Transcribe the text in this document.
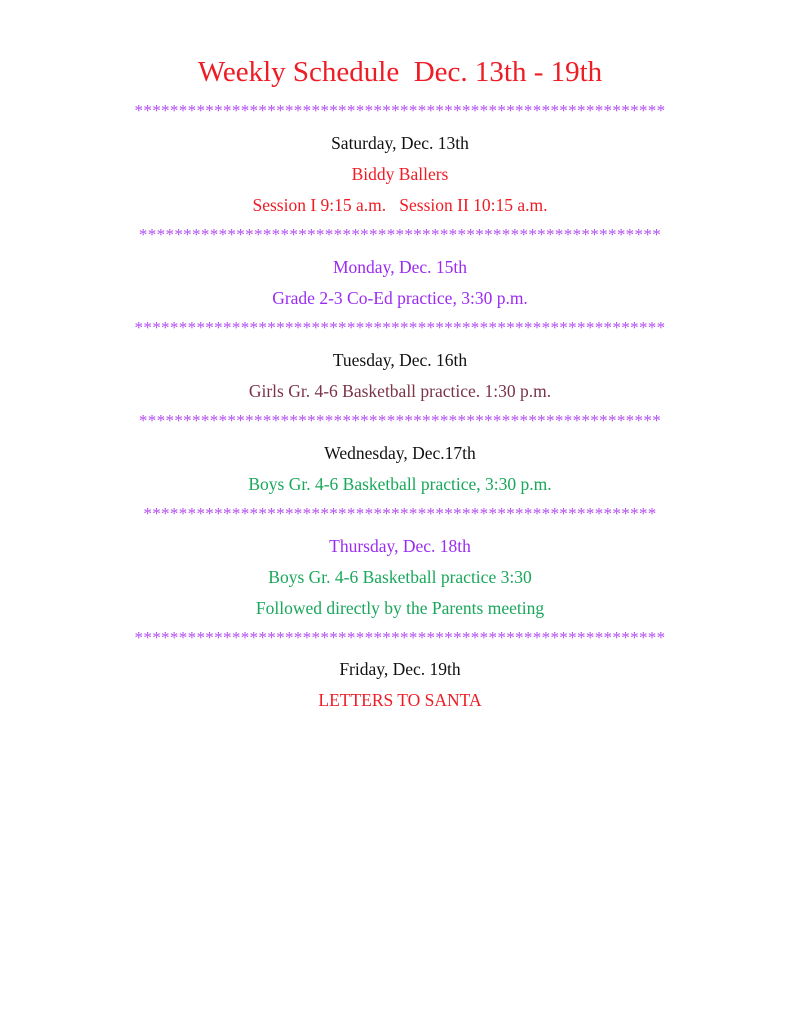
Weekly Schedule  Dec. 13th - 19th
************************************************************
Saturday, Dec. 13th
Biddy Ballers
Session I 9:15 a.m.   Session II 10:15 a.m.
***********************************************************
Monday, Dec. 15th
Grade 2-3 Co-Ed practice, 3:30 p.m.
************************************************************
Tuesday, Dec. 16th
Girls Gr. 4-6 Basketball practice. 1:30 p.m.
***********************************************************
Wednesday, Dec.17th
Boys Gr. 4-6 Basketball practice, 3:30 p.m.
**********************************************************
Thursday, Dec. 18th
Boys Gr. 4-6 Basketball practice 3:30
Followed directly by the Parents meeting
************************************************************
Friday, Dec. 19th
LETTERS TO SANTA
